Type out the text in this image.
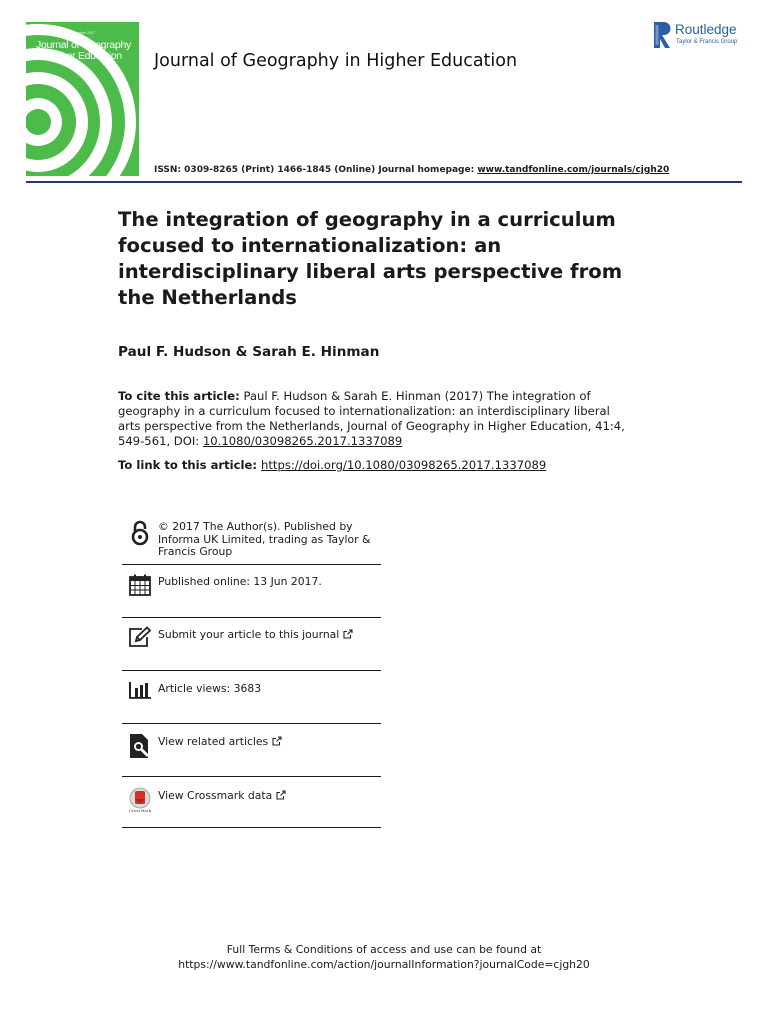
Volume 41 Number 4 November 2017
Journal of Geography in Higher Education	Journal of Geography in Higher Education
Routledge
Taylor & Francis Group
ISSN: 0309-8265 (Print) 1466-1845 (Online) Journal homepage: www.tandfonline.com/journals/cjgh20
The integration of geography in a curriculum focused to internationalization: an interdisciplinary liberal arts perspective from the Netherlands
Paul F. Hudson & Sarah E. Hinman
To cite this article: Paul F. Hudson & Sarah E. Hinman (2017) The integration of geography in a curriculum focused to internationalization: an interdisciplinary liberal arts perspective from the Netherlands, Journal of Geography in Higher Education, 41:4, 549-561, DOI: 10.1080/03098265.2017.1337089
To link to this article: https://doi.org/10.1080/03098265.2017.1337089
© 2017 The Author(s). Published by Informa UK Limited, trading as Taylor & Francis Group
Published online: 13 Jun 2017.
Submit your article to this journal
Article views: 3683
View related articles
CrossMark
View Crossmark data
Full Terms & Conditions of access and use can be found at
https://www.tandfonline.com/action/journalInformation?journalCode=cjgh20
